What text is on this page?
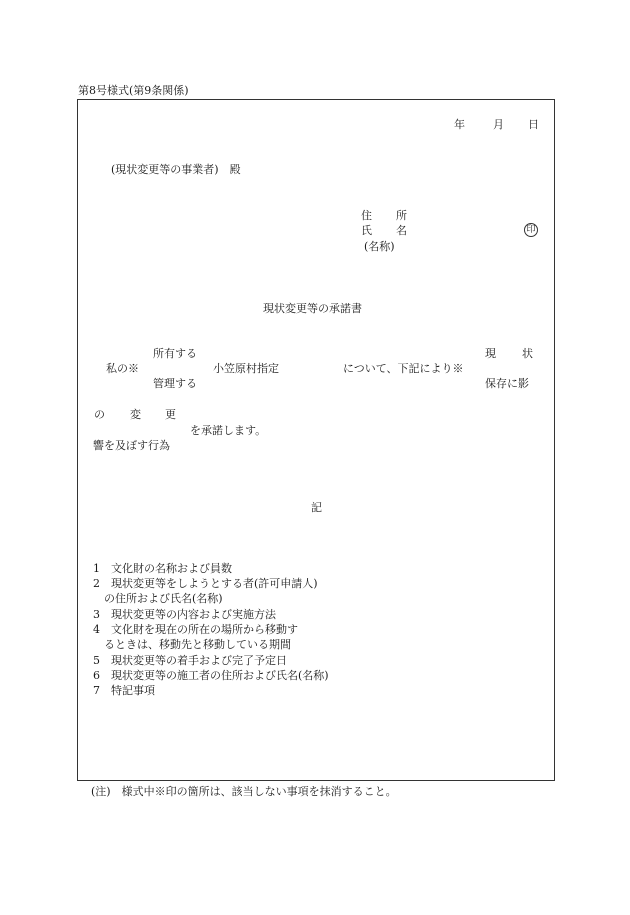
第8号様式(第9条関係)
年	月 日
(現状変更等の事業者)　殿
住 所
氏 名
(名称)
印
現状変更等の承諾書
所有する	現 状
私の※	小笠原村指定	について、下記により※
管理する	保存に影
の 変 更
を承諾します。
響を及ぼす行為
記
1　文化財の名称および員数
2　現状変更等をしようとする者(許可申請人)
　の住所および氏名(名称)
3　現状変更等の内容および実施方法
4　文化財を現在の所在の場所から移動す
　るときは、移動先と移動している期間
5　現状変更等の着手および完了予定日
6　現状変更等の施工者の住所および氏名(名称)
7　特記事項
(注)　様式中※印の箇所は、該当しない事項を抹消すること。
